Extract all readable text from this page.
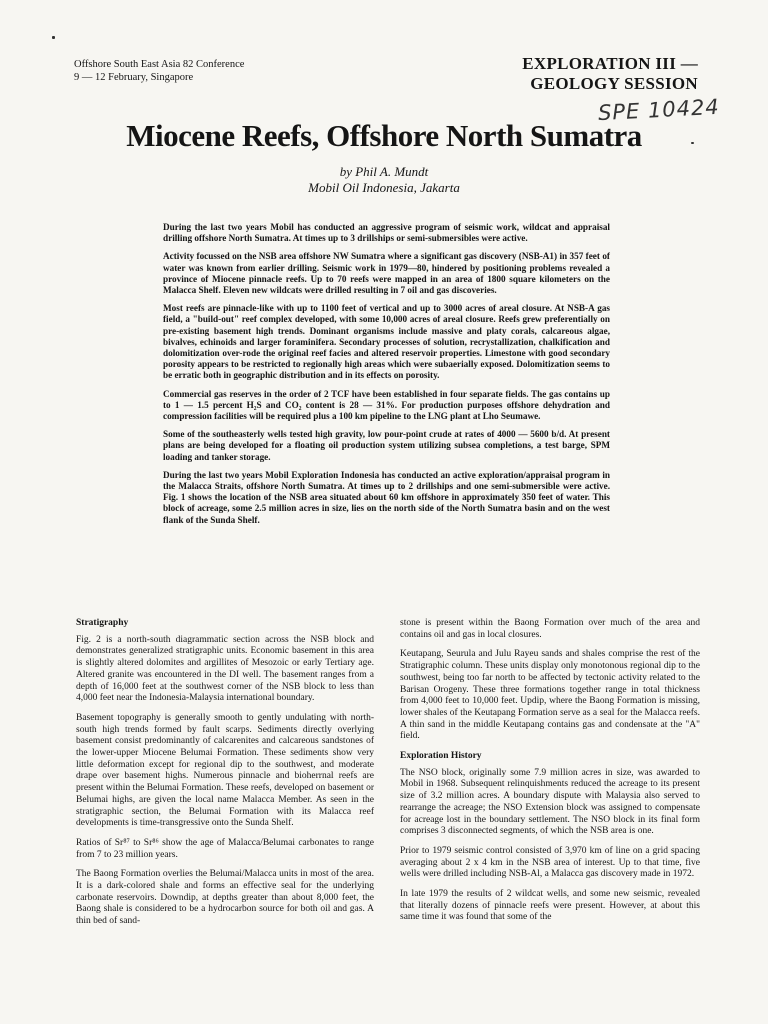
Offshore South East Asia 82 Conference
9 — 12 February, Singapore
EXPLORATION III —
GEOLOGY SESSION
SPE 10424
Miocene Reefs, Offshore North Sumatra
by Phil A. Mundt
Mobil Oil Indonesia, Jakarta

During the last two years Mobil has conducted an aggressive program of seismic work, wildcat and appraisal drilling offshore North Sumatra. At times up to 3 drillships or semi-submersibles were active.

Activity focussed on the NSB area offshore NW Sumatra where a significant gas discovery (NSB-A1) in 357 feet of water was known from earlier drilling. Seismic work in 1979—80, hindered by positioning problems revealed a province of Miocene pinnacle reefs. Up to 70 reefs were mapped in an area of 1800 square kilometers on the Malacca Shelf. Eleven new wildcats were drilled resulting in 7 oil and gas discoveries.

Most reefs are pinnacle-like with up to 1100 feet of vertical and up to 3000 acres of areal closure. At NSB-A gas field, a "build-out" reef complex developed, with some 10,000 acres of areal closure. Reefs grew preferentially on pre-existing basement high trends. Dominant organisms include massive and platy corals, calcareous algae, bivalves, echinoids and larger foraminifera. Secondary processes of solution, recrystallization, chalkification and dolomitization over-rode the original reef facies and altered reservoir properties. Limestone with good secondary porosity appears to be restricted to regionally high areas which were subaerially exposed. Dolomitization seems to be erratic both in geographic distribution and in its effects on porosity.

Commercial gas reserves in the order of 2 TCF have been established in four separate fields. The gas contains up to 1 — 1.5 percent H₂S and CO₂ content is 28 — 31%. For production purposes offshore dehydration and compression facilities will be required plus a 100 km pipeline to the LNG plant at Lho Seumawe.

Some of the southeasterly wells tested high gravity, low pour-point crude at rates of 4000 — 5600 b/d. At present plans are being developed for a floating oil production system utilizing subsea completions, a test barge, SPM loading and tanker storage.

During the last two years Mobil Exploration Indonesia has conducted an active exploration/appraisal program in the Malacca Straits, offshore North Sumatra. At times up to 2 drillships and one semi-submersible were active. Fig. 1 shows the location of the NSB area situated about 60 km offshore in approximately 350 feet of water. This block of acreage, some 2.5 million acres in size, lies on the north side of the North Sumatra basin and on the west flank of the Sunda Shelf.

Stratigraphy

Fig. 2 is a north-south diagrammatic section across the NSB block and demonstrates generalized stratigraphic units. Economic basement in this area is slightly altered dolomites and argillites of Mesozoic or early Tertiary age. Altered granite was encountered in the DI well. The basement ranges from a depth of 16,000 feet at the southwest corner of the NSB block to less than 4,000 feet near the Indonesia-Malaysia international boundary.

Basement topography is generally smooth to gently undulating with north-south high trends formed by fault scarps. Sediments directly overlying basement consist predominantly of calcarenites and calcareous sandstones of the lower-upper Miocene Belumai Formation. These sediments show very little deformation except for regional dip to the southwest, and moderate drape over basement highs. Numerous pinnacle and bioherrnal reefs are present within the Belumai Formation. These reefs, developed on basement or Belumai highs, are given the local name Malacca Member. As seen in the stratigraphic section, the Belumai Formation with its Malacca reef developments is time-transgressive onto the Sunda Shelf.

Ratios of Sr⁸⁷ to Sr⁸⁶ show the age of Malacca/Belumai carbonates to range from 7 to 23 million years.

The Baong Formation overlies the Belumai/Malacca units in most of the area. It is a dark-colored shale and forms an effective seal for the underlying carbonate reservoirs. Downdip, at depths greater than about 8,000 feet, the Baong shale is considered to be a hydrocarbon source for both oil and gas. A thin bed of sand-

stone is present within the Baong Formation over much of the area and contains oil and gas in local closures.

Keutapang, Seurula and Julu Rayeu sands and shales comprise the rest of the Stratigraphic column. These units display only monotonous regional dip to the southwest, being too far north to be affected by tectonic activity related to the Barisan Orogeny. These three formations together range in total thickness from 4,000 feet to 10,000 feet. Updip, where the Baong Formation is missing, lower shales of the Keutapang Formation serve as a seal for the Malacca reefs. A thin sand in the middle Keutapang contains gas and condensate at the "A" field.

Exploration History

The NSO block, originally some 7.9 million acres in size, was awarded to Mobil in 1968. Subsequent relinquishments reduced the acreage to its present size of 3.2 million acres. A boundary dispute with Malaysia also served to rearrange the acreage; the NSO Extension block was assigned to compensate for acreage lost in the boundary settlement. The NSO block in its final form comprises 3 disconnected segments, of which the NSB area is one.

Prior to 1979 seismic control consisted of 3,970 km of line on a grid spacing averaging about 2 x 4 km in the NSB area of interest. Up to that time, five wells were drilled including NSB-Al, a Malacca gas discovery made in 1972.

In late 1979 the results of 2 wildcat wells, and some new seismic, revealed that literally dozens of pinnacle reefs were present. However, at about this same time it was found that some of the
